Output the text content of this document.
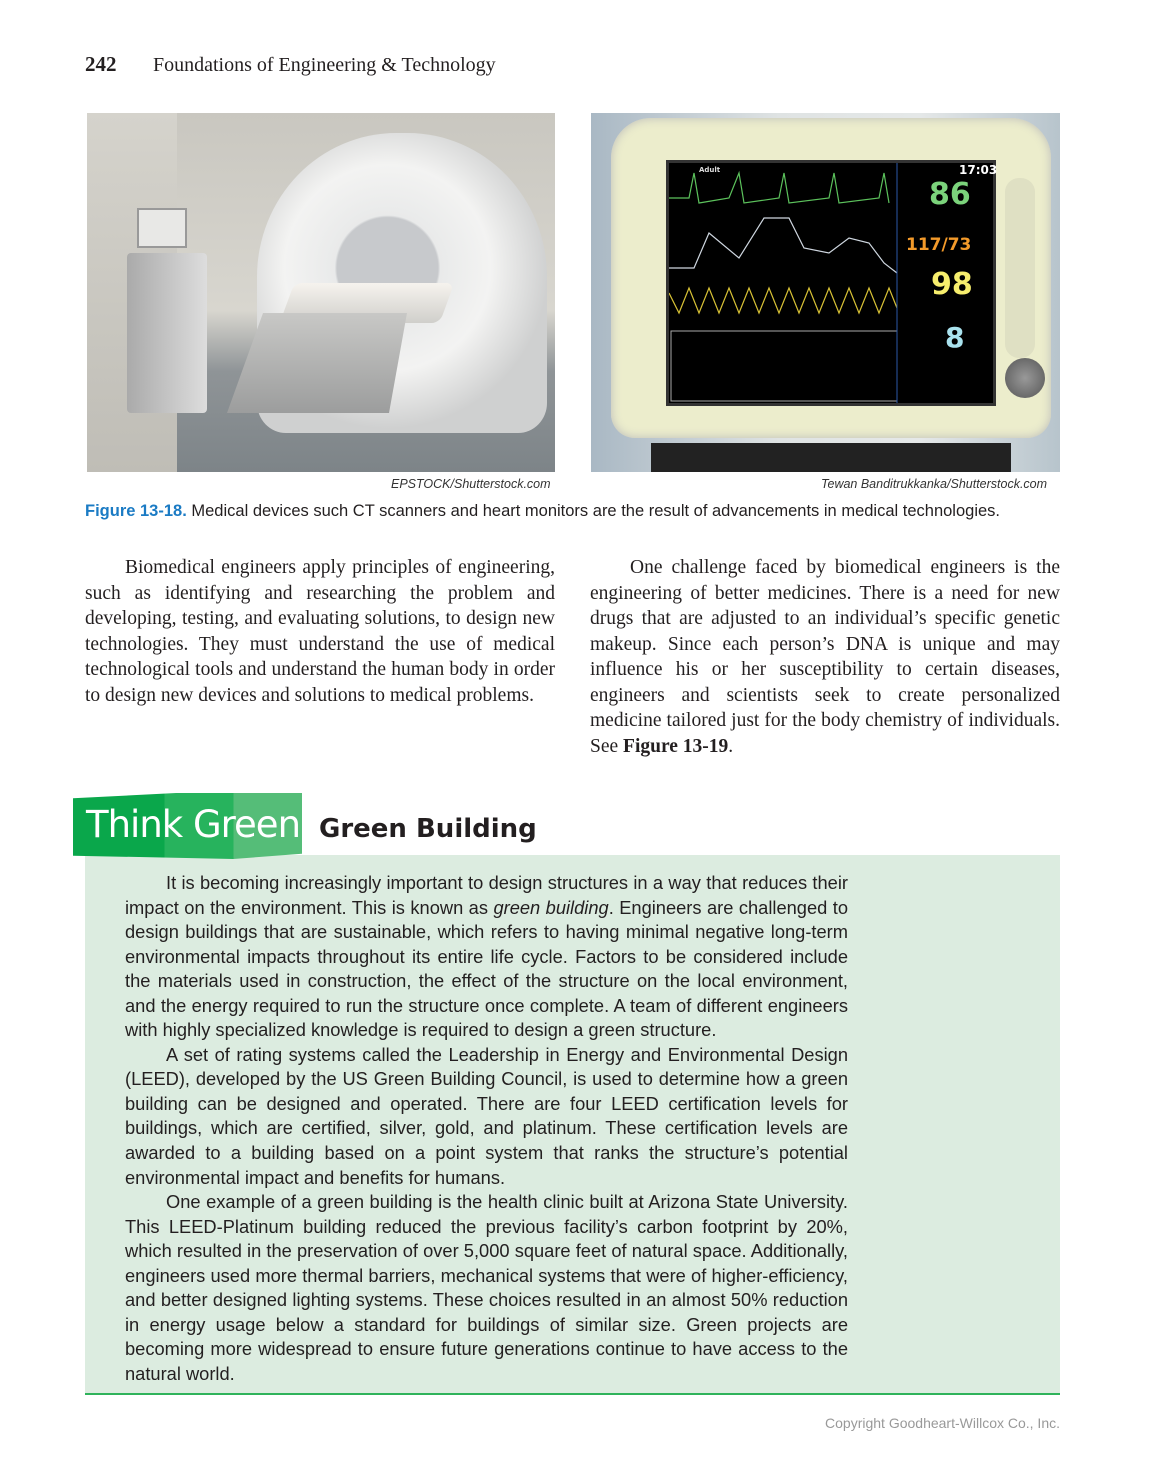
242 Foundations of Engineering & Technology
17:03
Adult
86
117/73
98
8
EPSTOCK/Shutterstock.com	Tewan Banditrukkanka/Shutterstock.com
Figure 13-18. Medical devices such CT scanners and heart monitors are the result of advancements in medical technologies.
Biomedical engineers apply principles of engineering, such as identifying and researching the problem and developing, testing, and evaluating solutions, to design new technologies. They must understand the use of medical technological tools and understand the human body in order to design new devices and solutions to medical problems.
One challenge faced by biomedical engineers is the engineering of better medicines. There is a need for new drugs that are adjusted to an individual’s specific genetic makeup. Since each person’s DNA is unique and may influence his or her susceptibility to certain diseases, engineers and scientists seek to create personalized medicine tailored just for the body chemistry of individuals. See Figure 13-19.
Think Green Green Building

It is becoming increasingly important to design structures in a way that reduces their impact on the environment. This is known as green building. Engineers are challenged to design buildings that are sustainable, which refers to having minimal negative long-term environmental impacts throughout its entire life cycle. Factors to be considered include the materials used in construction, the effect of the structure on the local environment, and the energy required to run the structure once complete. A team of different engineers with highly specialized knowledge is required to design a green structure.

A set of rating systems called the Leadership in Energy and Environmental Design (LEED), developed by the US Green Building Council, is used to determine how a green building can be designed and operated. There are four LEED certification levels for buildings, which are certified, silver, gold, and platinum. These certification levels are awarded to a building based on a point system that ranks the structure’s potential environmental impact and benefits for humans.

One example of a green building is the health clinic built at Arizona State University. This LEED-Platinum building reduced the previous facility’s carbon footprint by 20%, which resulted in the preservation of over 5,000 square feet of natural space. Additionally, engineers used more thermal barriers, mechanical systems that were of higher-efficiency, and better designed lighting systems. These choices resulted in an almost 50% reduction in energy usage below a standard for buildings of similar size. Green projects are becoming more widespread to ensure future generations continue to have access to the natural world.

Copyright Goodheart-Willcox Co., Inc.
